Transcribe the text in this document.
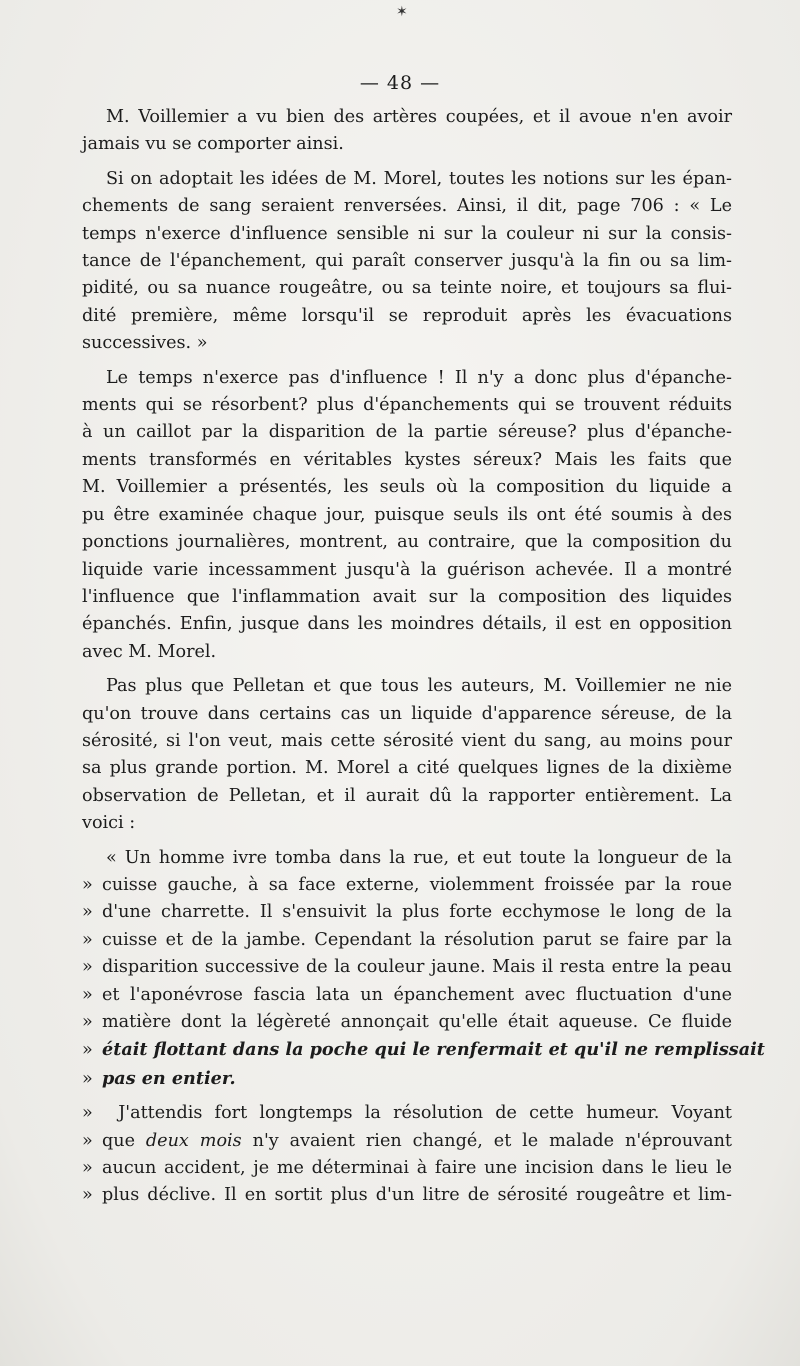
✶
— 48 —
M. Voillemier a vu bien des artères coupées, et il avoue n'en avoir
jamais vu se comporter ainsi.
Si on adoptait les idées de M. Morel, toutes les notions sur les épan-
chements de sang seraient renversées. Ainsi, il dit, page 706 : « Le
temps n'exerce d'influence sensible ni sur la couleur ni sur la consis-
tance de l'épanchement, qui paraît conserver jusqu'à la fin ou sa lim-
pidité, ou sa nuance rougeâtre, ou sa teinte noire, et toujours sa flui-
dité première, même lorsqu'il se reproduit après les évacuations
successives. »
Le temps n'exerce pas d'influence ! Il n'y a donc plus d'épanche-
ments qui se résorbent? plus d'épanchements qui se trouvent réduits
à un caillot par la disparition de la partie séreuse? plus d'épanche-
ments transformés en véritables kystes séreux? Mais les faits que
M. Voillemier a présentés, les seuls où la composition du liquide a
pu être examinée chaque jour, puisque seuls ils ont été soumis à des
ponctions journalières, montrent, au contraire, que la composition du
liquide varie incessamment jusqu'à la guérison achevée. Il a montré
l'influence que l'inflammation avait sur la composition des liquides
épanchés. Enfin, jusque dans les moindres détails, il est en opposition
avec M. Morel.
Pas plus que Pelletan et que tous les auteurs, M. Voillemier ne nie
qu'on trouve dans certains cas un liquide d'apparence séreuse, de la
sérosité, si l'on veut, mais cette sérosité vient du sang, au moins pour
sa plus grande portion. M. Morel a cité quelques lignes de la dixième
observation de Pelletan, et il aurait dû la rapporter entièrement. La
voici :
« Un homme ivre tomba dans la rue, et eut toute la longueur de la
» cuisse gauche, à sa face externe, violemment froissée par la roue
» d'une charrette. Il s'ensuivit la plus forte ecchymose le long de la
» cuisse et de la jambe. Cependant la résolution parut se faire par la
» disparition successive de la couleur jaune. Mais il resta entre la peau
» et l'aponévrose fascia lata un épanchement avec fluctuation d'une
» matière dont la légèreté annonçait qu'elle était aqueuse. Ce fluide
» était flottant dans la poche qui le renfermait et qu'il ne remplissait
» pas en entier.
» J'attendis fort longtemps la résolution de cette humeur. Voyant
» que deux mois n'y avaient rien changé, et le malade n'éprouvant
» aucun accident, je me déterminai à faire une incision dans le lieu le
» plus déclive. Il en sortit plus d'un litre de sérosité rougeâtre et lim-
